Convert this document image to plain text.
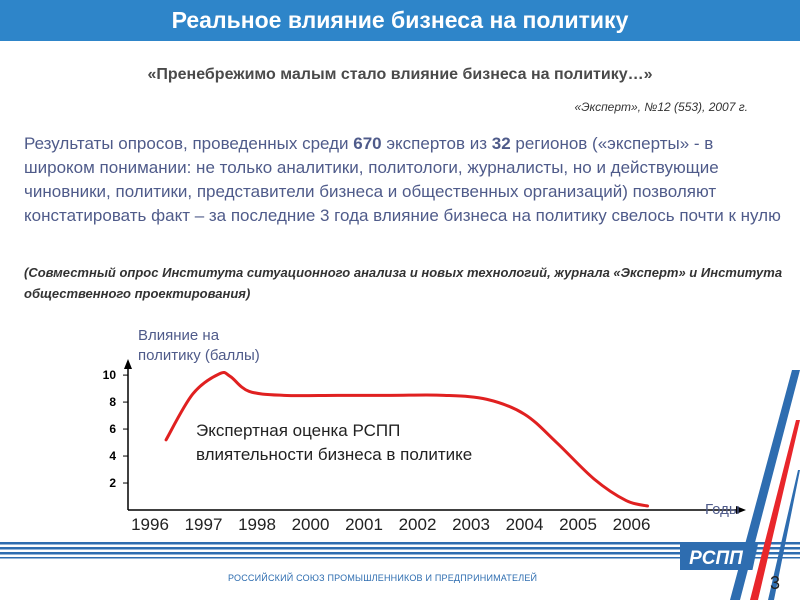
Реальное влияние бизнеса на политику
«Пренебрежимо малым стало влияние бизнеса на политику…»
«Эксперт», №12 (553), 2007 г.
Результаты опросов, проведенных среди 670 экспертов из 32 регионов («эксперты» - в широком понимании: не только аналитики, политологи, журналисты, но и действующие чиновники, политики, представители бизнеса и общественных организаций) позволяют констатировать факт – за последние 3 года влияние бизнеса на политику свелось почти к нулю
(Совместный опрос Института ситуационного анализа и новых технологий, журнала «Эксперт» и Института общественного проектирования)
2
4
6
8
10
1996 1997 1998 2000 2001 2002 2003 2004 2005 2006
Влияние на
политику (баллы)
Годы
Экспертная оценка РСПП
влиятельности бизнеса в политике
РСПП
РОССИЙСКИЙ СОЮЗ ПРОМЫШЛЕННИКОВ И ПРЕДПРИНИМАТЕЛЕЙ	3
